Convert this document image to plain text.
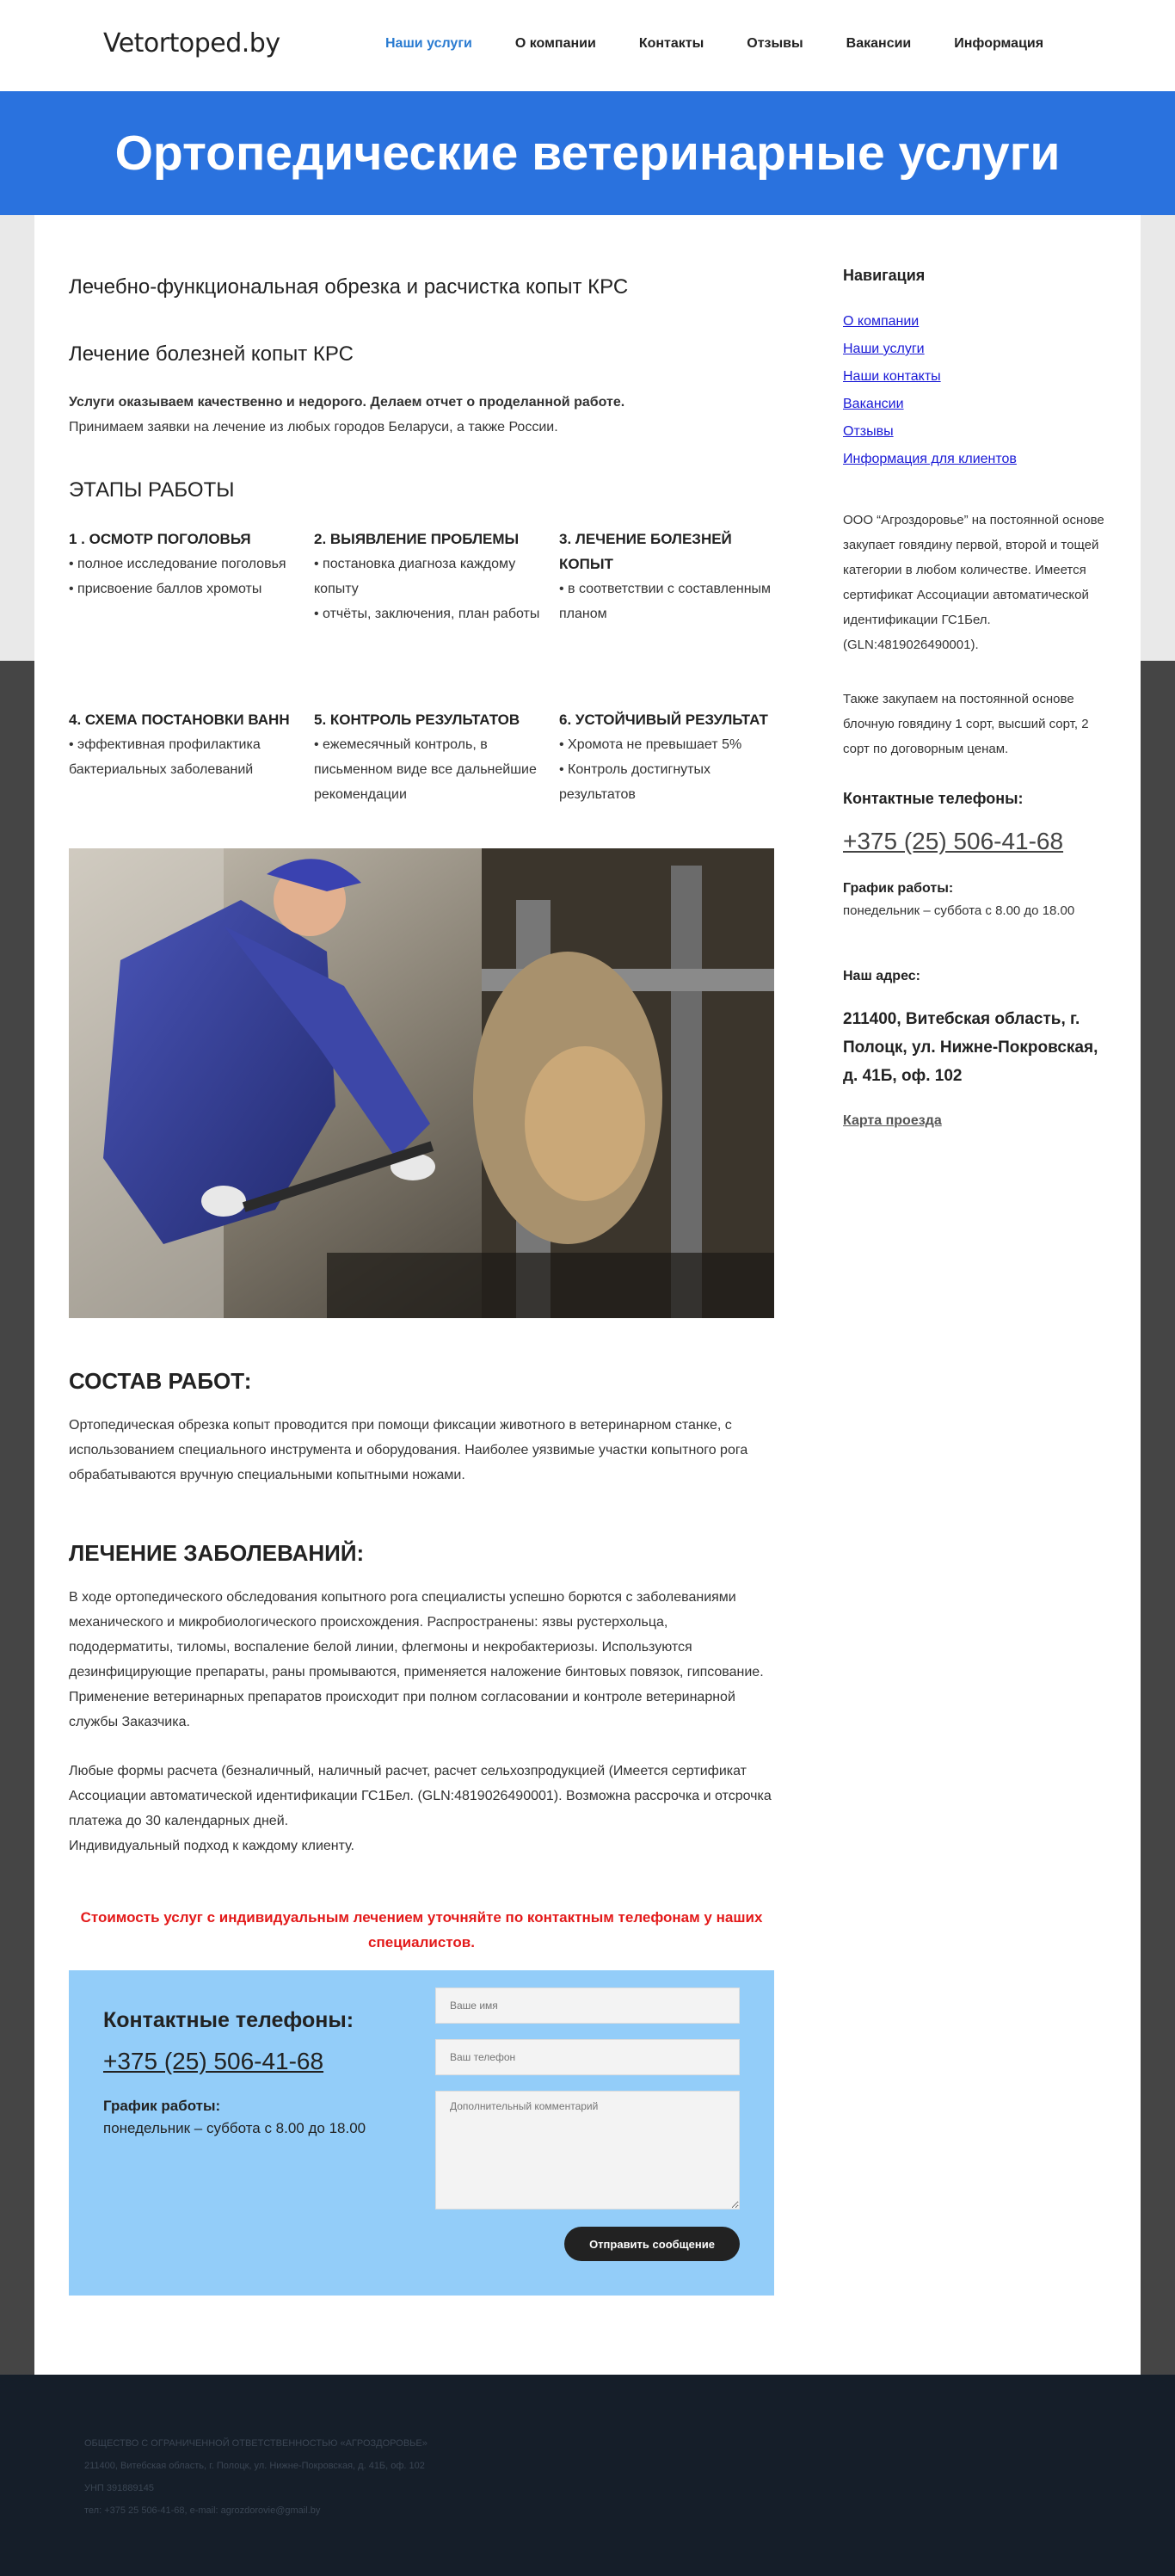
Vetortoped.by	Наши услуги	О компании	Контакты	Отзывы	Вакансии	Информация
Ортопедические ветеринарные услуги
Лечебно-функциональная обрезка и расчистка копыт КРС
Лечение болезней копыт КРС
Услуги оказываем качественно и недорого. Делаем отчет о проделанной работе.
Принимаем заявки на лечение из любых городов Беларуси, а также России.
ЭТАПЫ РАБОТЫ
1 . ОСМОТР ПОГОЛОВЬЯ
• полное исследование поголовья
• присвоение баллов хромоты
2. ВЫЯВЛЕНИЕ ПРОБЛЕМЫ
• постановка диагноза каждому копыту
• отчёты, заключения, план работы
3. ЛЕЧЕНИЕ БОЛЕЗНЕЙ КОПЫТ
• в соответствии с составленным планом
4. СХЕМА ПОСТАНОВКИ ВАНН
• эффективная профилактика бактериальных заболеваний
5. КОНТРОЛЬ РЕЗУЛЬТАТОВ
• ежемесячный контроль, в письменном виде все дальнейшие рекомендации
6. УСТОЙЧИВЫЙ РЕЗУЛЬТАТ
• Хромота не превышает 5%
• Контроль достигнутых результатов
СОСТАВ РАБОТ:
Ортопедическая обрезка копыт проводится при помощи фиксации животного в ветеринарном станке, с использованием специального инструмента и оборудования. Наиболее уязвимые участки копытного рога обрабатываются вручную специальными копытными ножами.
ЛЕЧЕНИЕ ЗАБОЛЕВАНИЙ:
В ходе ортопедического обследования копытного рога специалисты успешно борются с заболеваниями механического и микробиологического происхождения. Распространены: язвы рустерхольца, пододерматиты, тиломы, воспаление белой линии, флегмоны и некробактериозы. Используются дезинфицирующие препараты, раны промываются, применяется наложение бинтовых повязок, гипсование. Применение ветеринарных препаратов происходит при полном согласовании и контроле ветеринарной службы Заказчика.
Любые формы расчета (безналичный, наличный расчет, расчет сельхозпродукцией (Имеется сертификат Ассоциации автоматической идентификации ГС1Бел. (GLN:4819026490001). Возможна рассрочка и отсрочка платежа до 30 календарных дней.
Индивидуальный подход к каждому клиенту.
Стоимость услуг с индивидуальным лечением уточняйте по контактным телефонам у наших специалистов.
Контактные телефоны:
+375 (25) 506-41-68
График работы:
понедельник – суббота с 8.00 до 18.00
Ваше имя
Ваш телефон
Дополнительный комментарий
Отправить сообщение
Навигация
О компании
Наши услуги
Наши контакты
Вакансии
Отзывы
Информация для клиентов
ООО “Агроздоровье” на постоянной основе закупает говядину первой, второй и тощей категории в любом количестве. Имеется сертификат Ассоциации автоматической идентификации ГС1Бел. (GLN:4819026490001).
Также закупаем на постоянной основе блочную говядину 1 сорт, высший сорт, 2 сорт по договорным ценам.
Контактные телефоны:
+375 (25) 506-41-68
График работы:
понедельник – суббота с 8.00 до 18.00
Наш адрес:
211400, Витебская область, г. Полоцк, ул. Нижне-Покровская, д. 41Б, оф. 102
Карта проезда
ОБЩЕСТВО С ОГРАНИЧЕННОЙ ОТВЕТСТВЕННОСТЬЮ «АГРОЗДОРОВЬЕ»
211400, Витебская область, г. Полоцк, ул. Нижне-Покровская, д. 41Б, оф. 102
УНП 391889145
тел: +375 25 506-41-68, e-mail: agrozdorovie@gmail.by
